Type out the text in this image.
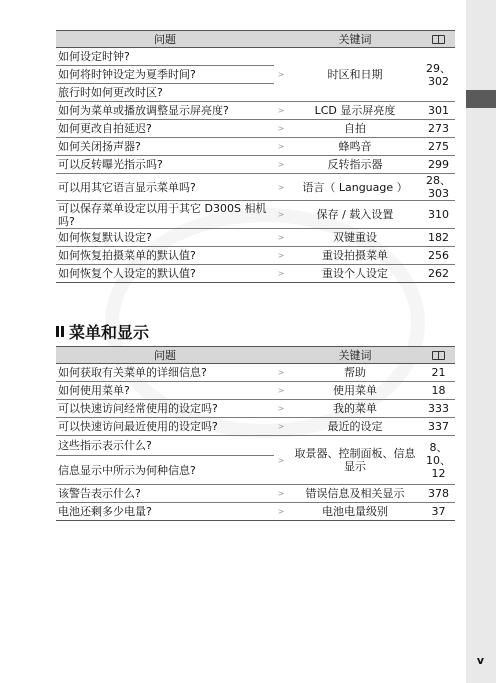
问题		关键词	
如何设定时钟?	>	时区和日期	29、302
如何将时钟设定为夏季时间?			
旅行时如何更改时区?			
如何为菜单或播放调整显示屏亮度?	>	LCD 显示屏亮度	301
如何更改自拍延迟?	>	自拍	273
如何关闭扬声器?	>	蜂鸣音	275
可以反转曝光指示吗?	>	反转指示器	299
可以用其它语言显示菜单吗?	>	语言（ Language ）	28、303
可以保存菜单设定以用于其它 D300S 相机吗?	>	保存 / 载入设置	310
如何恢复默认设定?	>	双键重设	182
如何恢复拍摄菜单的默认值?	>	重设拍摄菜单	256
如何恢复个人设定的默认值?	>	重设个人设定	262
菜单和显示
问题		关键词	
如何获取有关菜单的详细信息?	>	帮助	21
如何使用菜单?	>	使用菜单	18
可以快速访问经常使用的设定吗?	>	我的菜单	333
可以快速访问最近使用的设定吗?	>	最近的设定	337
这些指示表示什么?	>	取景器、控制面板、信息显示	8、10、12
信息显示中所示为何种信息?			
该警告表示什么?	>	错误信息及相关显示	378
电池还剩多少电量?	>	电池电量级别	37
v
